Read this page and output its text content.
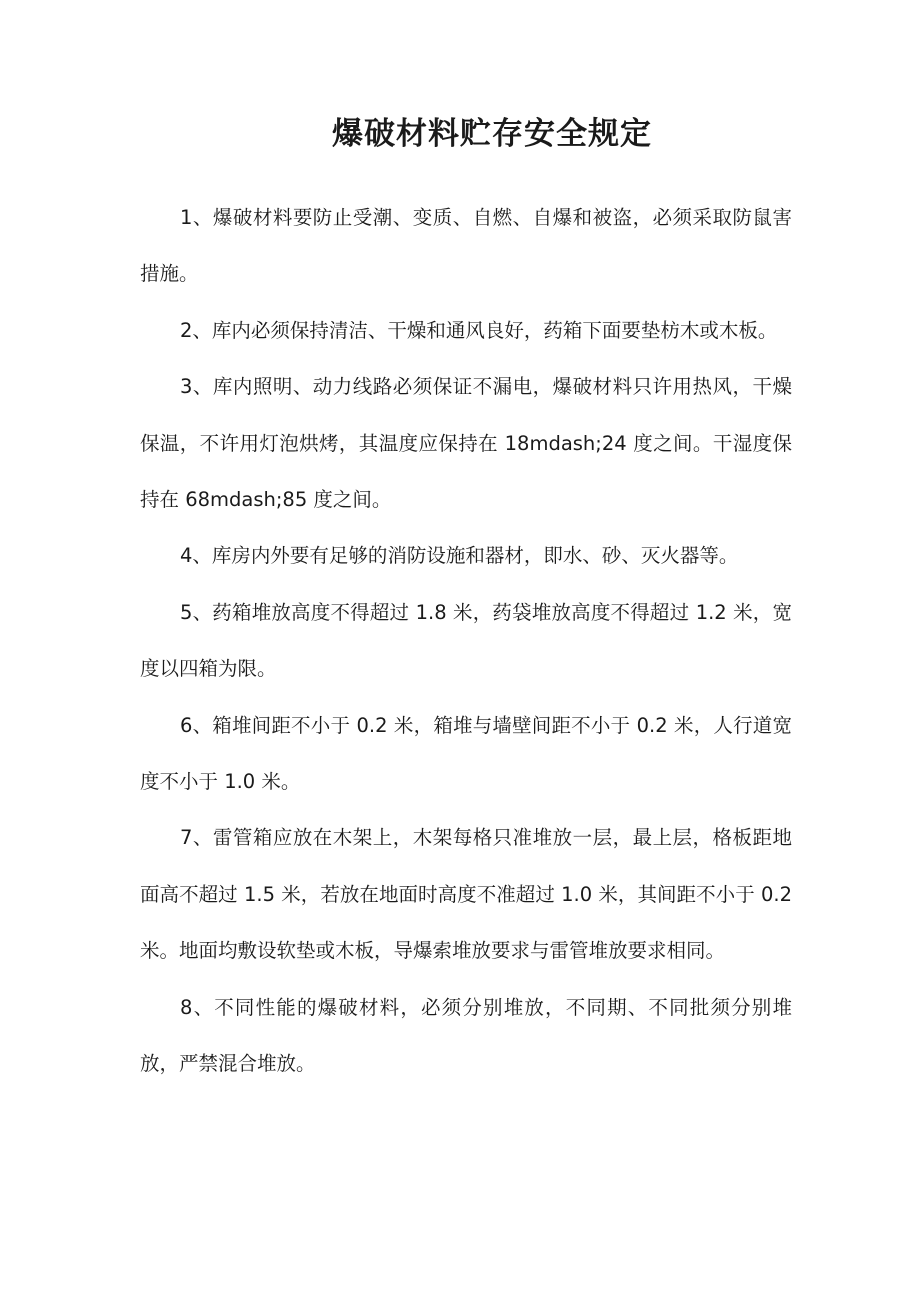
爆破材料贮存安全规定

1、爆破材料要防止受潮、变质、自燃、自爆和被盗，必须采取防鼠害措施。

2、库内必须保持清洁、干燥和通风良好，药箱下面要垫枋木或木板。

3、库内照明、动力线路必须保证不漏电，爆破材料只许用热风，干燥保温，不许用灯泡烘烤，其温度应保持在 18mdash;24 度之间。干湿度保持在 68mdash;85 度之间。

4、库房内外要有足够的消防设施和器材，即水、砂、灭火器等。

5、药箱堆放高度不得超过 1.8 米，药袋堆放高度不得超过 1.2 米，宽度以四箱为限。

6、箱堆间距不小于 0.2 米，箱堆与墙壁间距不小于 0.2 米，人行道宽度不小于 1.0 米。

7、雷管箱应放在木架上，木架每格只准堆放一层，最上层，格板距地面高不超过 1.5 米，若放在地面时高度不准超过 1.0 米，其间距不小于 0.2 米。地面均敷设软垫或木板，导爆索堆放要求与雷管堆放要求相同。

8、不同性能的爆破材料，必须分别堆放，不同期、不同批须分别堆放，严禁混合堆放。
